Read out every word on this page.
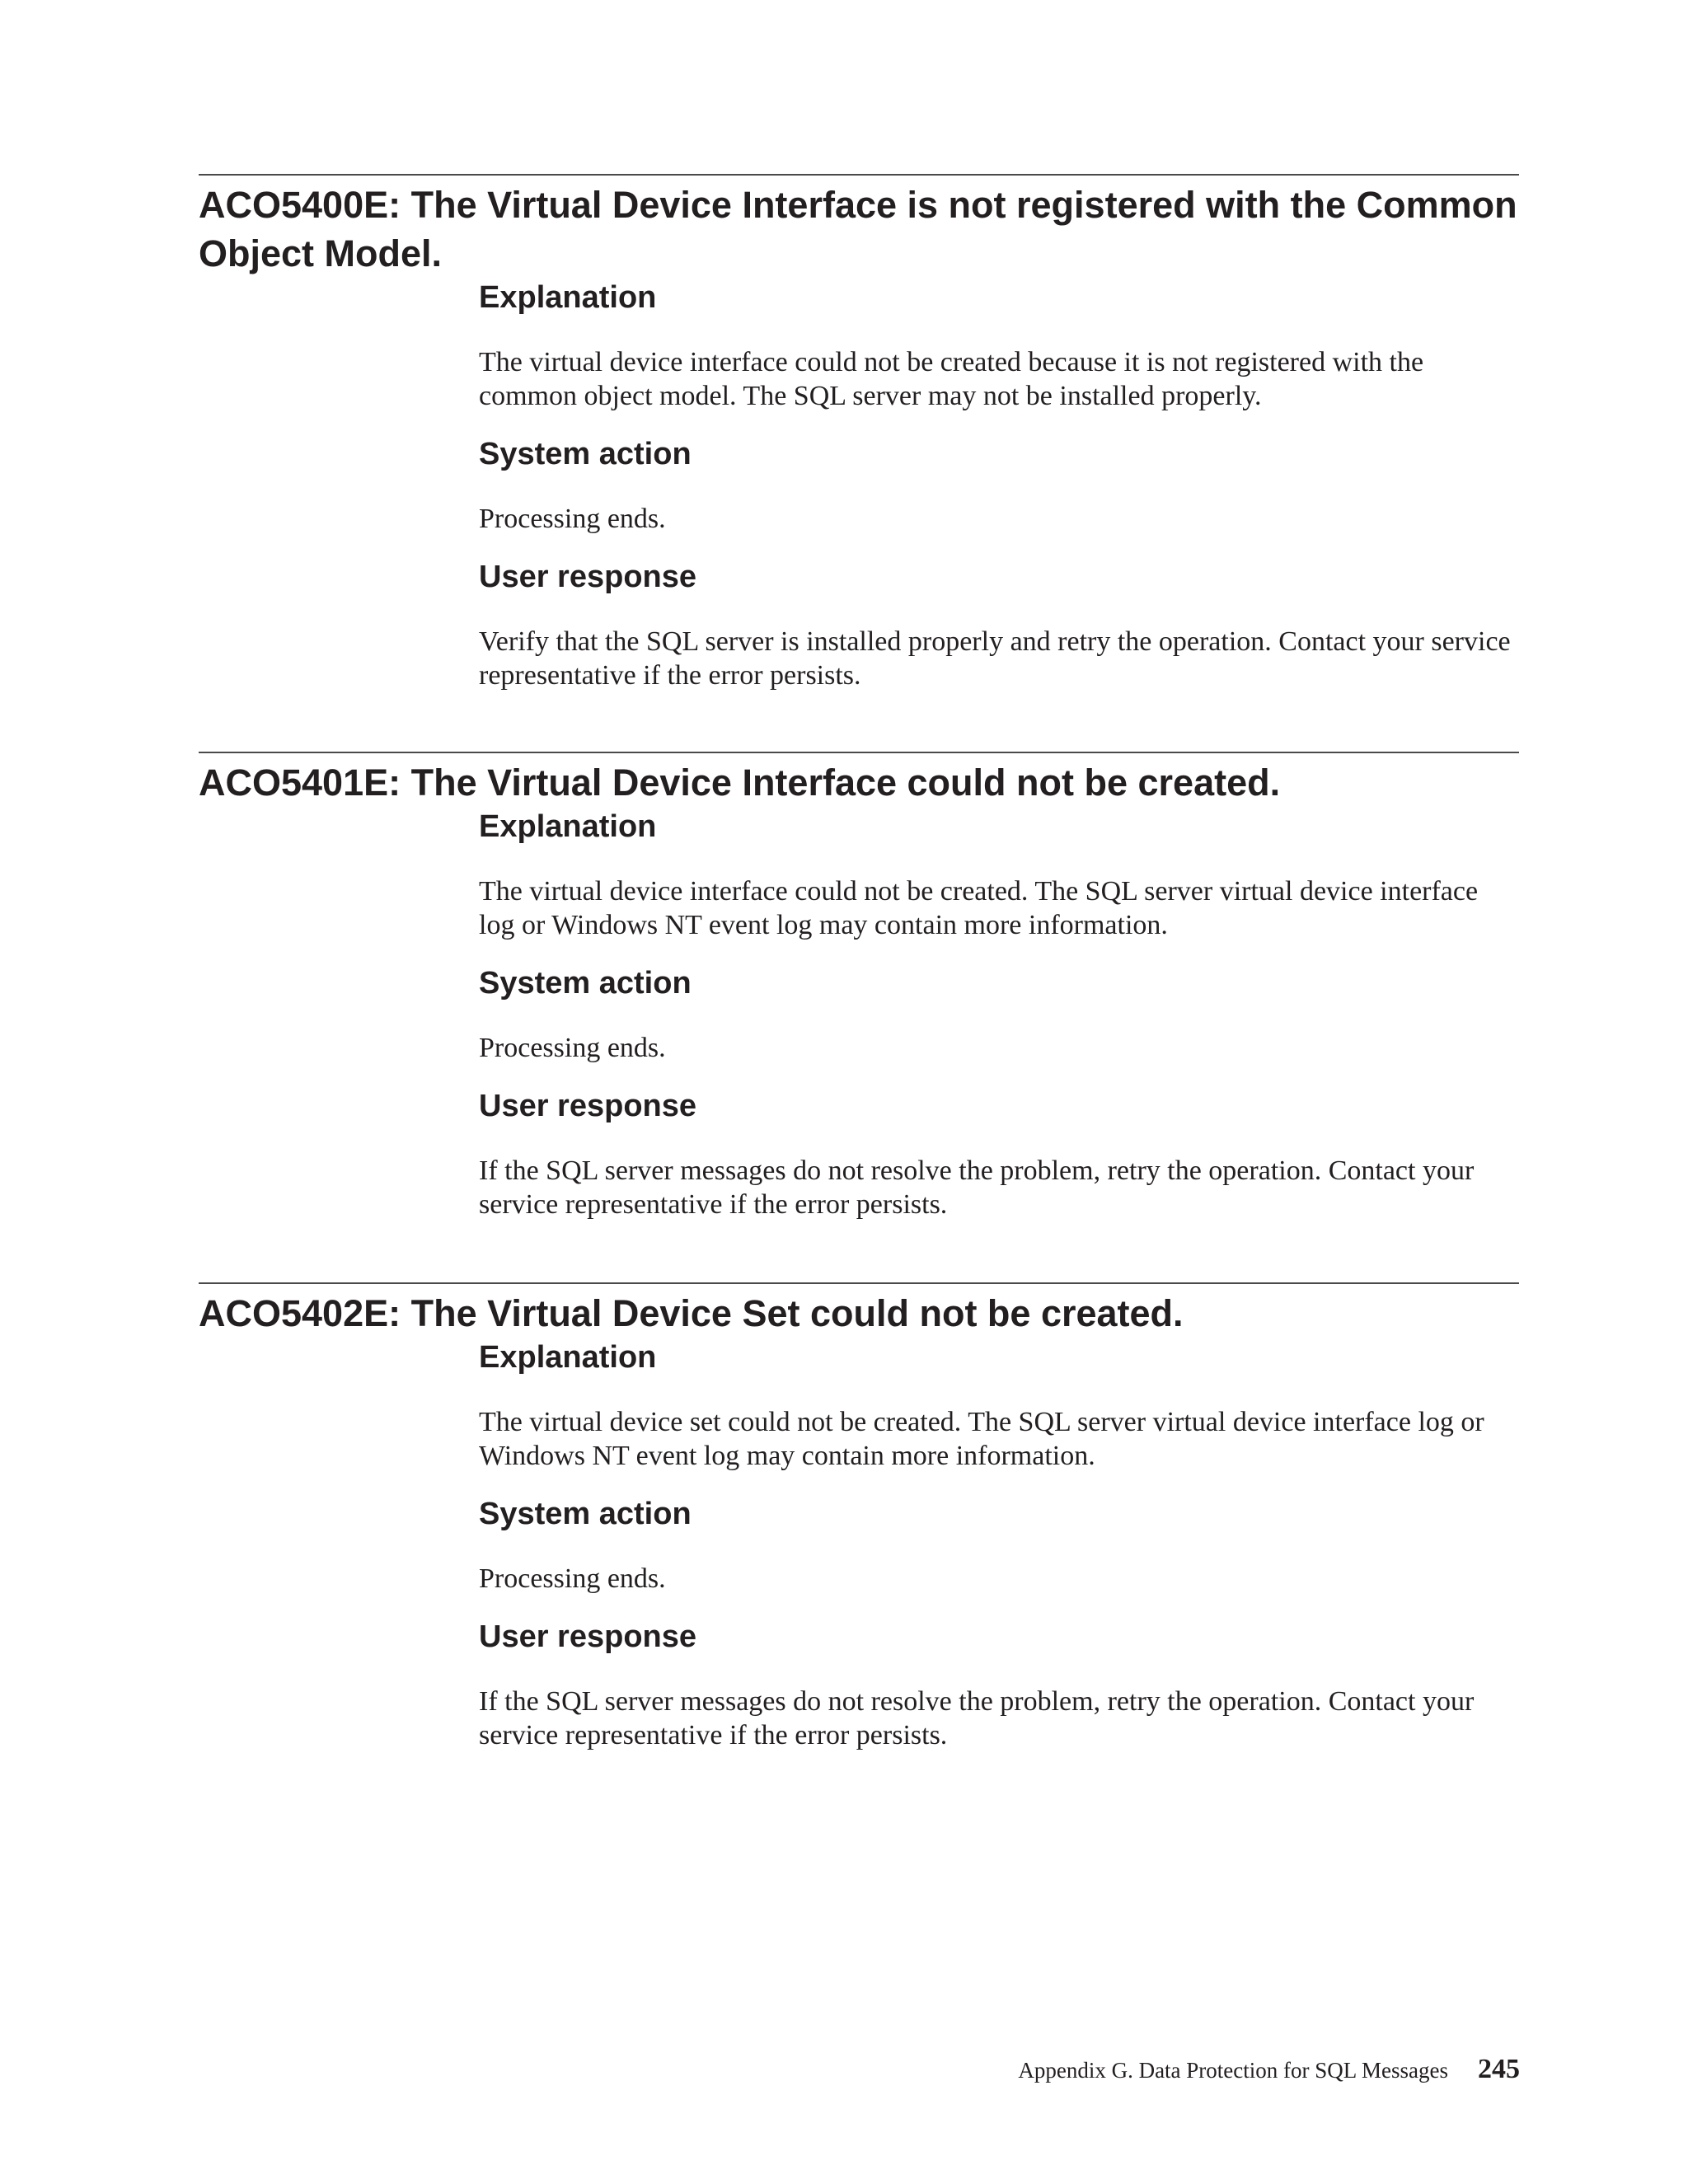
ACO5400E: The Virtual Device Interface is not registered with the Common Object Model.
Explanation

The virtual device interface could not be created because it is not registered with the common object model. The SQL server may not be installed properly.

System action

Processing ends.

User response

Verify that the SQL server is installed properly and retry the operation. Contact your service representative if the error persists.

ACO5401E: The Virtual Device Interface could not be created.
Explanation

The virtual device interface could not be created. The SQL server virtual device interface log or Windows NT event log may contain more information.

System action

Processing ends.

User response

If the SQL server messages do not resolve the problem, retry the operation. Contact your service representative if the error persists.

ACO5402E: The Virtual Device Set could not be created.
Explanation

The virtual device set could not be created. The SQL server virtual device interface log or Windows NT event log may contain more information.

System action

Processing ends.

User response

If the SQL server messages do not resolve the problem, retry the operation. Contact your service representative if the error persists.

Appendix G. Data Protection for SQL Messages 245
